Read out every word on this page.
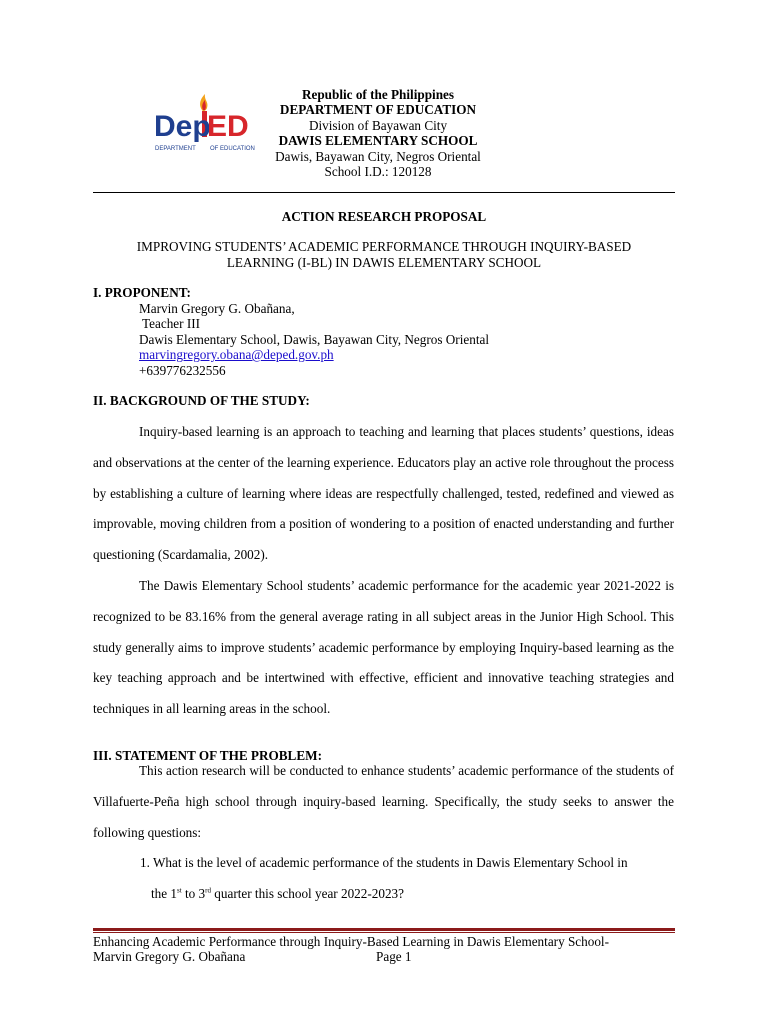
Dep
ED
DEPARTMENT OF EDUCATION
Republic of the Philippines
DEPARTMENT OF EDUCATION
Division of Bayawan City
DAWIS ELEMENTARY SCHOOL
Dawis, Bayawan City, Negros Oriental
School I.D.: 120128
ACTION RESEARCH PROPOSAL
IMPROVING STUDENTS’ ACADEMIC PERFORMANCE THROUGH INQUIRY-BASED
LEARNING (I-BL) IN DAWIS ELEMENTARY SCHOOL
I. PROPONENT:
Marvin Gregory G. Obañana,
Teacher III
Dawis Elementary School, Dawis, Bayawan City, Negros Oriental
marvingregory.obana@deped.gov.ph
+639776232556
II. BACKGROUND OF THE STUDY:
Inquiry-based learning is an approach to teaching and learning that places students’ questions, ideas and observations at the center of the learning experience. Educators play an active role throughout the process by establishing a culture of learning where ideas are respectfully challenged, tested, redefined and viewed as improvable, moving children from a position of wondering to a position of enacted understanding and further questioning (Scardamalia, 2002).
The Dawis Elementary School students’ academic performance for the academic year 2021-2022 is recognized to be 83.16% from the general average rating in all subject areas in the Junior High School. This study generally aims to improve students’ academic performance by employing Inquiry-based learning as the key teaching approach and be intertwined with effective, efficient and innovative teaching strategies and techniques in all learning areas in the school.
III. STATEMENT OF THE PROBLEM:
This action research will be conducted to enhance students’ academic performance of the students of Villafuerte-Peña high school through inquiry-based learning. Specifically, the study seeks to answer the following questions:
1. What is the level of academic performance of the students in Dawis Elementary School in
the 1st to 3rd quarter this school year 2022-2023?
Enhancing Academic Performance through Inquiry-Based Learning in Dawis Elementary School-
Marvin Gregory G. Obañana	Page 1
